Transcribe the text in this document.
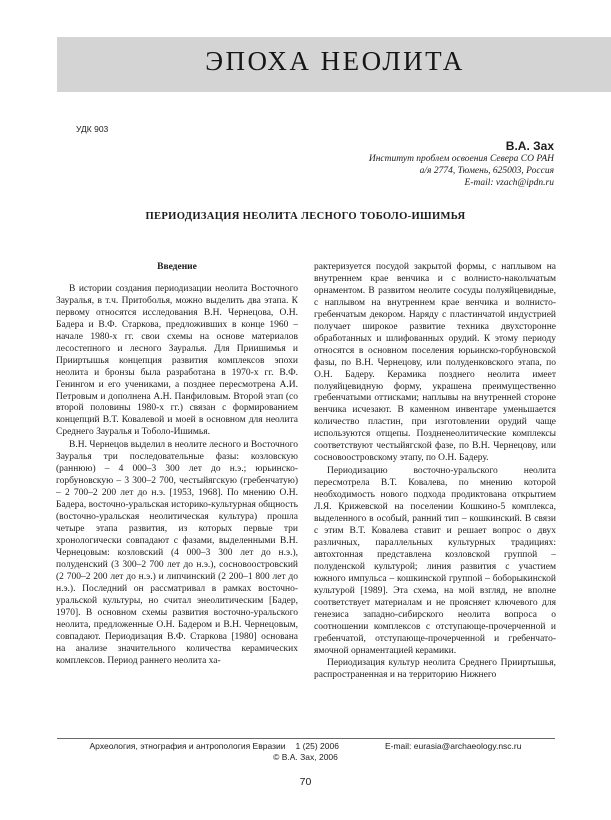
ЭПОХА НЕОЛИТА
УДК 903
В.А. Зах
Институт проблем освоения Севера СО РАН
а/я 2774, Тюмень, 625003, Россия
E-mail: vzach@ipdn.ru
ПЕРИОДИЗАЦИЯ НЕОЛИТА ЛЕСНОГО ТОБОЛО-ИШИМЬЯ
Введение

В истории создания периодизации неолита Восточного Зауралья, в т.ч. Притоболья, можно выделить два этапа. К первому относятся исследования В.Н. Чернецова, О.Н. Бадера и В.Ф. Старкова, предложивших в конце 1960 – начале 1980-х гг. свои схемы на основе материалов лесостепного и лесного Зауралья. Для Приишимья и Прииртышья концепция развития комплексов эпохи неолита и бронзы была разработана в 1970-х гг. В.Ф. Генингом и его учениками, а позднее пересмотрена А.И. Петровым и дополнена А.Н. Панфиловым. Второй этап (со второй половины 1980-х гг.) связан с формированием концепций В.Т. Ковалевой и моей в основном для неолита Среднего Зауралья и Тоболо-Ишимья.

В.Н. Чернецов выделил в неолите лесного и Восточного Зауралья три последовательные фазы: козловскую (раннюю) – 4 000–3 300 лет до н.э.; юрьинско-горбуновскую – 3 300–2 700, честыйягскую (гребенчатую) – 2 700–2 200 лет до н.э. [1953, 1968]. По мнению О.Н. Бадера, восточно-уральская историко-культурная общность (восточно-уральская неолитическая культура) прошла четыре этапа развития, из которых первые три хронологически совпадают с фазами, выделенными В.Н. Чернецовым: козловский (4 000–3 300 лет до н.э.), полуденский (3 300–2 700 лет до н.э.), сосновоостровский (2 700–2 200 лет до н.э.) и липчинский (2 200–1 800 лет до н.э.). Последний он рассматривал в рамках восточно-уральской культуры, но считал энеолитическим [Бадер, 1970]. В основном схемы развития восточно-уральского неолита, предложенные О.Н. Бадером и В.Н. Чернецовым, совпадают. Периодизация В.Ф. Старкова [1980] основана на анализе значительного количества керамических комплексов. Период раннего неолита ха-

рактеризуется посудой закрытой формы, с наплывом на внутреннем крае венчика и с волнисто-накольчатым орнаментом. В развитом неолите сосуды полуяйцевидные, с наплывом на внутреннем крае венчика и волнисто-гребенчатым декором. Наряду с пластинчатой индустрией получает широкое развитие техника двухстороннe обработанных и шлифованных орудий. К этому периоду относятся в основном поселения юрьинско-горбуновской фазы, по В.Н. Чернецову, или полуденковского этапа, по О.Н. Бадеру. Керамика позднего неолита имеет полуяйцевидную форму, украшена преимущественно гребенчатыми оттисками; наплывы на внутренней стороне венчика исчезают. В каменном инвентаре уменьшается количество пластин, при изготовлении орудий чаще используются отщепы. Поздненеолитические комплексы соответствуют честыйягской фазе, по В.Н. Чернецову, или сосновоостровскому этапу, по О.Н. Бадеру.

Периодизацию восточно-уральского неолита пересмотрела В.Т. Ковалева, по мнению которой необходимость нового подхода продиктована открытием Л.Я. Крижевской на поселении Кошкино-5 комплекса, выделенного в особый, ранний тип – кошкинский. В связи с этим В.Т. Ковалева ставит и решает вопрос о двух различных, параллельных культурных традициях: автохтонная представлена козловской группой – полуденской культурой; линия развития с участием южного импульса – кошкинской группой – боборыкинской культурой [1989]. Эта схема, на мой взгляд, не вполне соответствует материалам и не проясняет ключевого для генезиса западно-сибирского неолита вопроса о соотношении комплексов с отступающе-прочерченной и гребенчатой, отступающе-прочерченной и гребенчато-ямочной орнаментацией керамики.

Периодизация культур неолита Среднего Прииртышья, распространенная и на территорию Нижнего

Археология, этнография и антропология Евразии 1 (25) 2006	E-mail: eurasia@archaeology.nsc.ru
© В.А. Зах, 2006
70
